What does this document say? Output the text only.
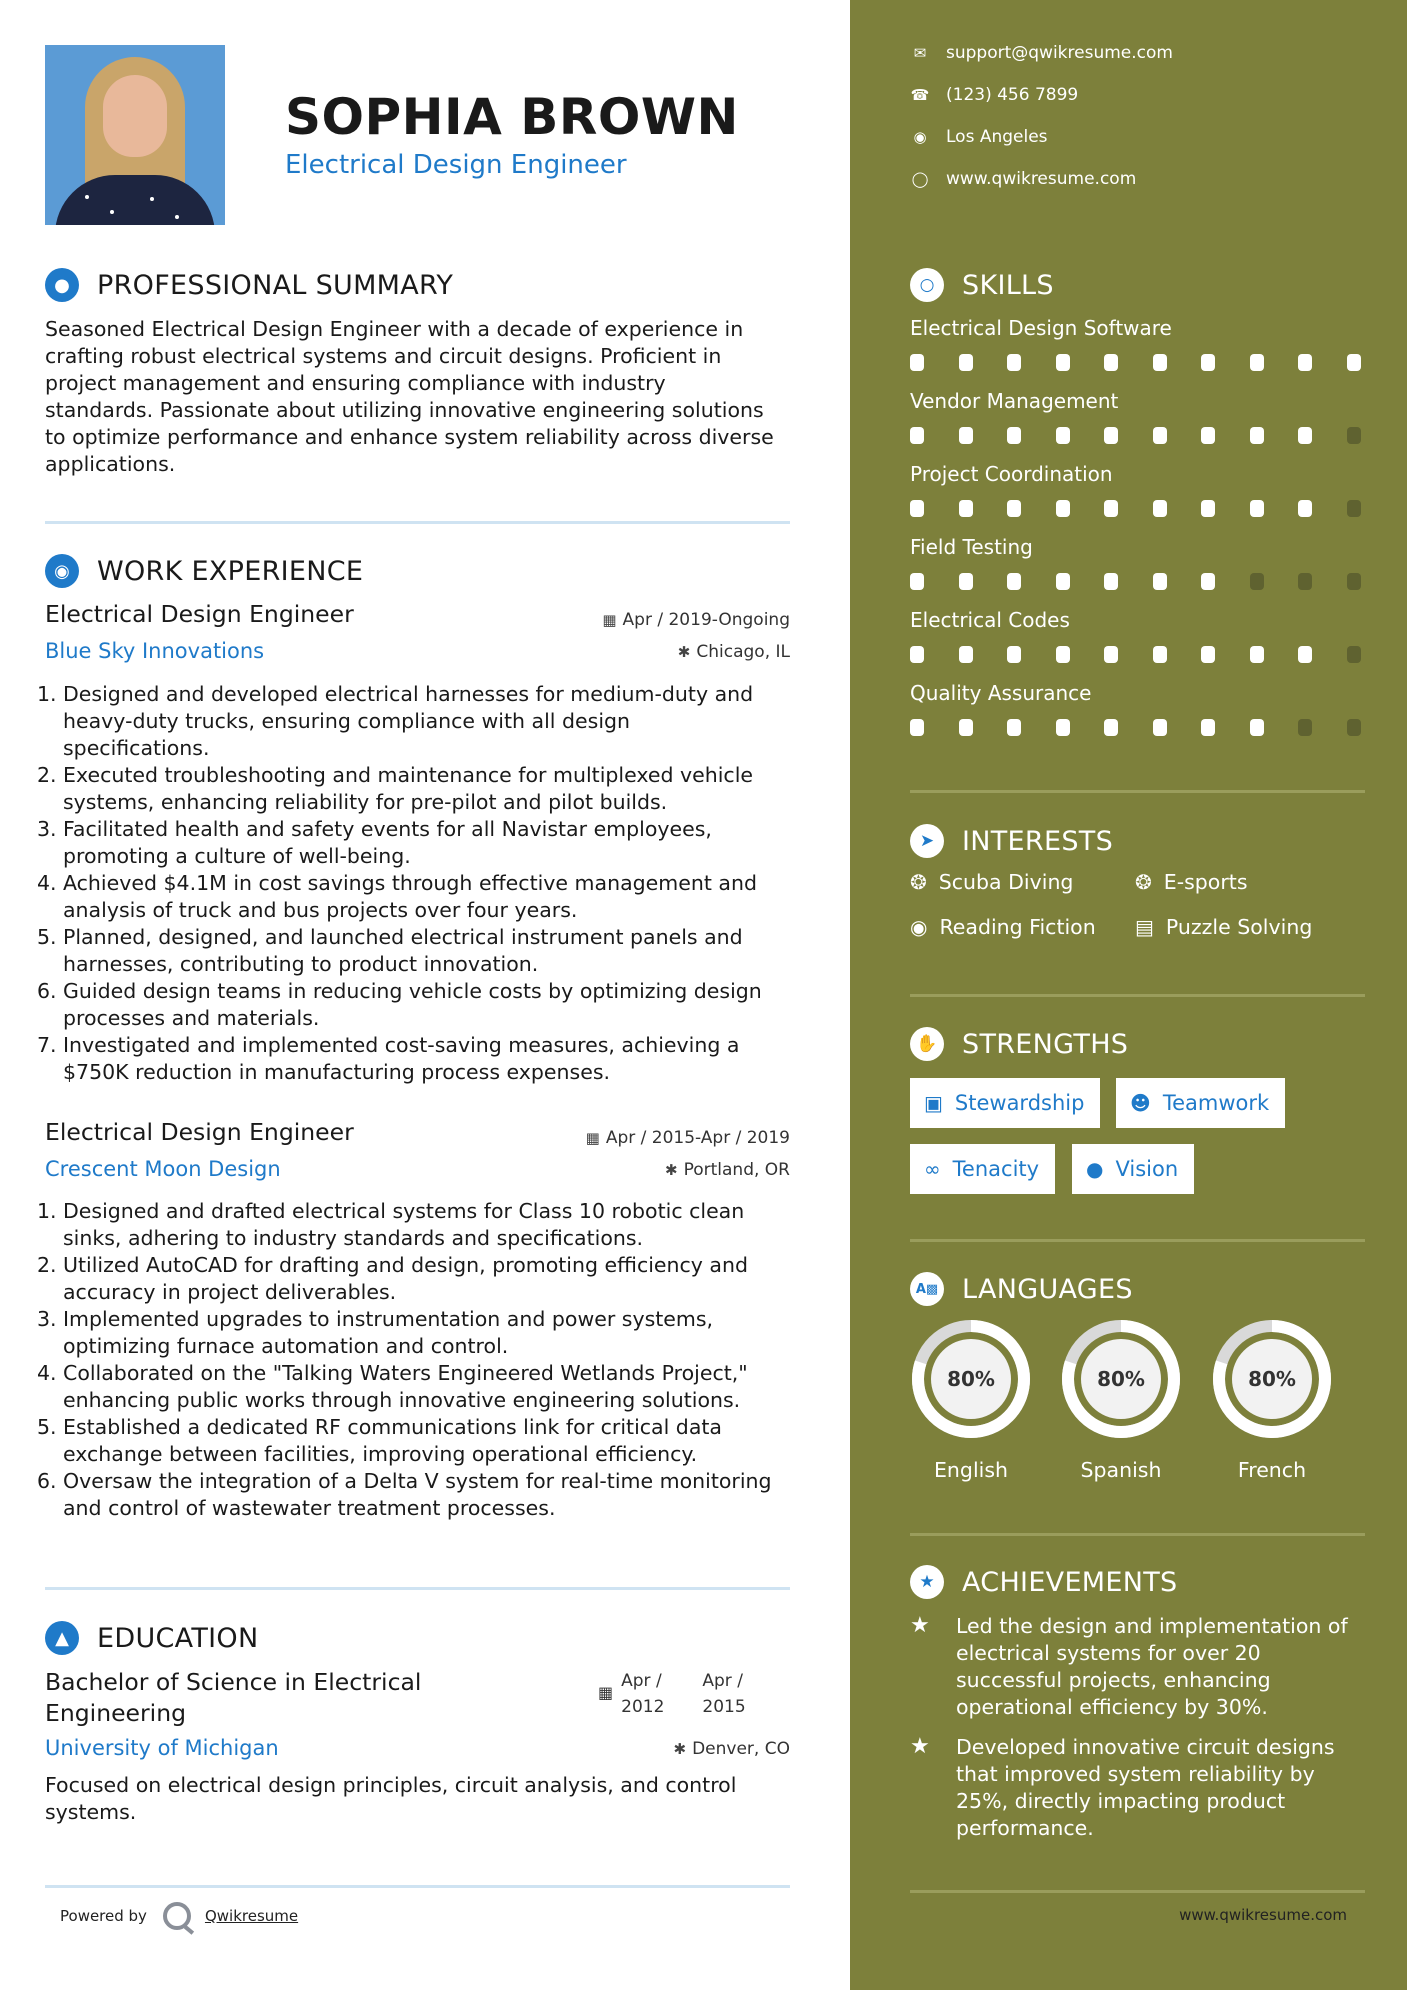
SOPHIA BROWN
Electrical Design Engineer
●	PROFESSIONAL SUMMARY
Seasoned Electrical Design Engineer with a decade of experience in
crafting robust electrical systems and circuit designs. Proficient in
project management and ensuring compliance with industry
standards. Passionate about utilizing innovative engineering solutions
to optimize performance and enhance system reliability across diverse
applications.
◉	WORK EXPERIENCE
Electrical Design Engineer
Blue Sky Innovations
▦ Apr / 2019-Ongoing
✱ Chicago, IL
1. Designed and developed electrical harnesses for medium-duty and
heavy-duty trucks, ensuring compliance with all design
specifications.
2. Executed troubleshooting and maintenance for multiplexed vehicle
systems, enhancing reliability for pre-pilot and pilot builds.
3. Facilitated health and safety events for all Navistar employees,
promoting a culture of well-being.
4. Achieved $4.1M in cost savings through effective management and
analysis of truck and bus projects over four years.
5. Planned, designed, and launched electrical instrument panels and
harnesses, contributing to product innovation.
6. Guided design teams in reducing vehicle costs by optimizing design
processes and materials.
7. Investigated and implemented cost-saving measures, achieving a
$750K reduction in manufacturing process expenses.
Electrical Design Engineer
Crescent Moon Design
▦ Apr / 2015-Apr / 2019
✱ Portland, OR
1. Designed and drafted electrical systems for Class 10 robotic clean
sinks, adhering to industry standards and specifications.
2. Utilized AutoCAD for drafting and design, promoting efficiency and
accuracy in project deliverables.
3. Implemented upgrades to instrumentation and power systems,
optimizing furnace automation and control.
4. Collaborated on the "Talking Waters Engineered Wetlands Project,"
enhancing public works through innovative engineering solutions.
5. Established a dedicated RF communications link for critical data
exchange between facilities, improving operational efficiency.
6. Oversaw the integration of a Delta V system for real-time monitoring
and control of wastewater treatment processes.
▲	EDUCATION
Bachelor of Science in Electrical
Engineering
University of Michigan
▦
Apr /
2012
Apr /
2015
✱ Denver, CO
Focused on electrical design principles, circuit analysis, and control
systems.
Powered by	Qwikresume
✉ support@qwikresume.com
☎ (123) 456 7899
◉ Los Angeles
◯ www.qwikresume.com
○	SKILLS
Electrical Design Software
Vendor Management
Project Coordination
Field Testing
Electrical Codes
Quality Assurance
➤	INTERESTS
❂ Scuba Diving	❂ E-sports
◉ Reading Fiction ▤ Puzzle Solving
✋ STRENGTHS
▣ Stewardship ☻ Teamwork
∞ Tenacity ● Vision
A▩ LANGUAGES
80%
English
80%
Spanish
80%
French
★	ACHIEVEMENTS
★	Led the design and implementation of
electrical systems for over 20
successful projects, enhancing
operational efficiency by 30%.
★	Developed innovative circuit designs
that improved system reliability by
25%, directly impacting product
performance.
www.qwikresume.com
